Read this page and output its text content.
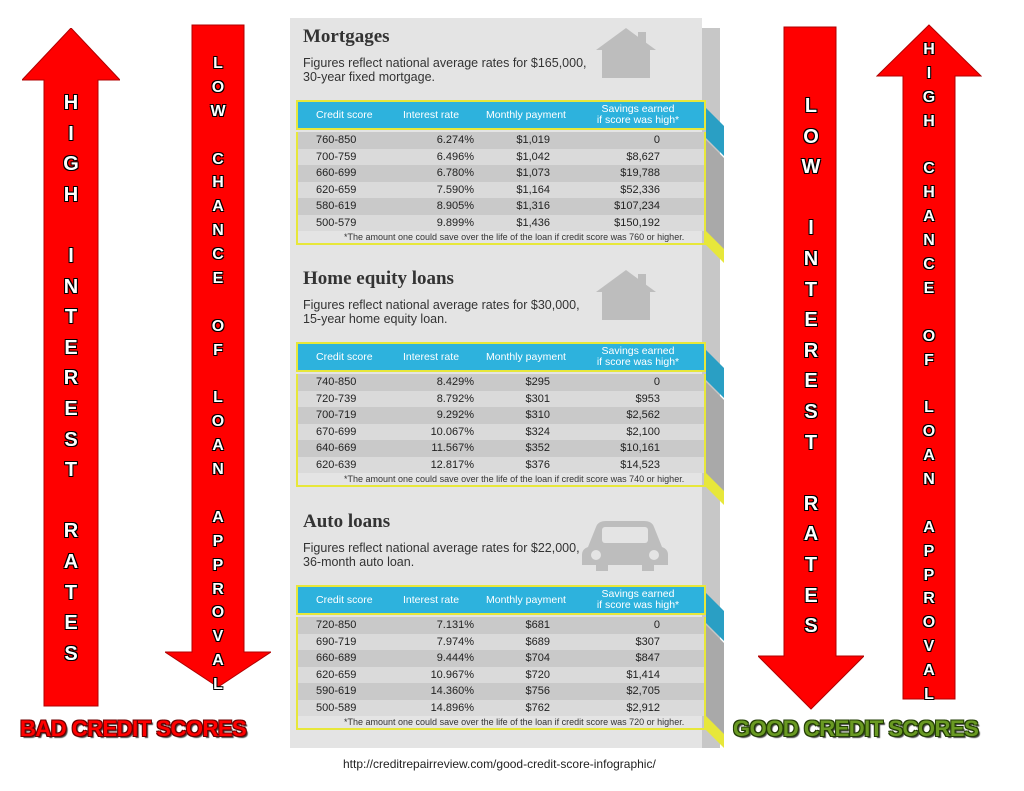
H
I
G
H
I
N
T
E
R
E
S
T
R
A
T
E
S
L
O
W
C
H
A
N
C
E
O
F
L
O
A
N
A
P
P
R
O
V
A
L
L
O
W
I
N
T
E
R
E
S
T
R
A
T
E
S
H
I
G
H
C
H
A
N
C
E
O
F
L
O
A
N
A
P
P
R
O
V
A
L
BAD CREDIT SCORES	GOOD CREDIT SCORES
Mortgages
Figures reflect national average rates for $165,000,
30-year fixed mortgage.
Credit score	Interest rate	Monthly payment	Savings earned
if score was high*
760-850	6.274%	$1,019	0
700-759	6.496%	$1,042	$8,627
660-699	6.780%	$1,073	$19,788
620-659	7.590%	$1,164	$52,336
580-619	8.905%	$1,316	$107,234
500-579	9.899%	$1,436	$150,192
*The amount one could save over the life of the loan if credit score was 760 or higher.
Home equity loans
Figures reflect national average rates for $30,000,
15-year home equity loan.
Credit score	Interest rate	Monthly payment	Savings earned
if score was high*
740-850	8.429%	$295	0
720-739	8.792%	$301	$953
700-719	9.292%	$310	$2,562
670-699	10.067%	$324	$2,100
640-669	11.567%	$352	$10,161
620-639	12.817%	$376	$14,523
*The amount one could save over the life of the loan if credit score was 740 or higher.
Auto loans
Figures reflect national average rates for $22,000,
36-month auto loan.
Credit score	Interest rate	Monthly payment	Savings earned
if score was high*
720-850	7.131%	$681	0
690-719	7.974%	$689	$307
660-689	9.444%	$704	$847
620-659	10.967%	$720	$1,414
590-619	14.360%	$756	$2,705
500-589	14.896%	$762	$2,912
*The amount one could save over the life of the loan if credit score was 720 or higher.
http://creditrepairreview.com/good-credit-score-infographic/
